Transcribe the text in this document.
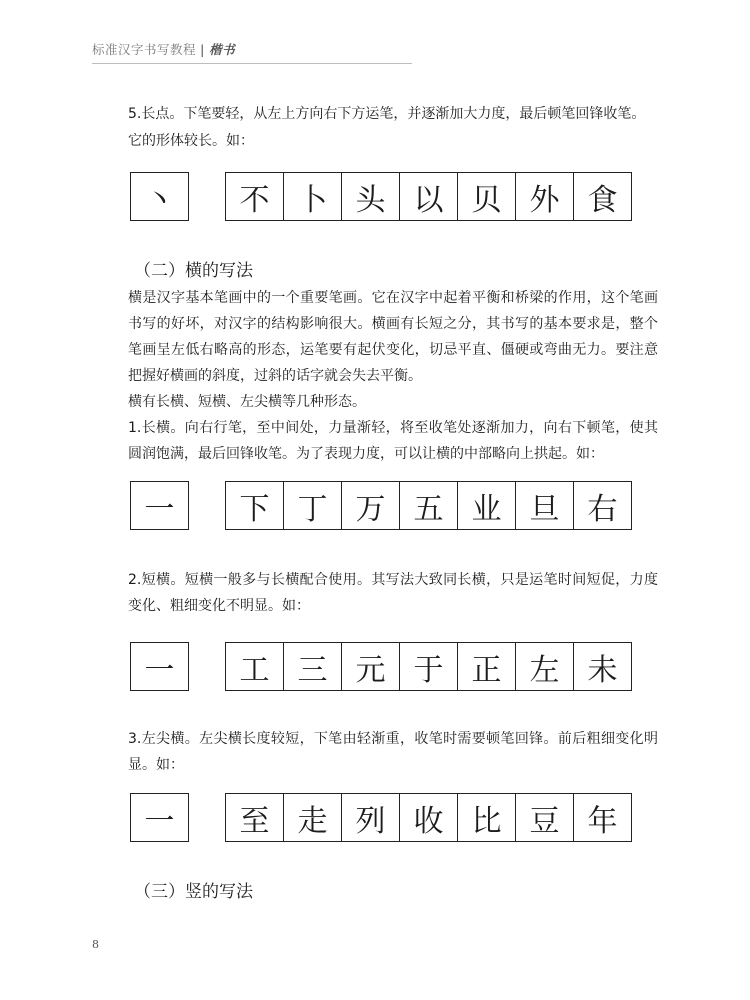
标准汉字书写教程 | 楷书

5.长点。下笔要轻，从左上方向右下方运笔，并逐渐加大力度，最后顿笔回锋收笔。

它的形体较长。如：

丶	不 卜 头 以 贝 外 食
（二）横的写法

横是汉字基本笔画中的一个重要笔画。它在汉字中起着平衡和桥梁的作用，这个笔画书写的好坏，对汉字的结构影响很大。横画有长短之分，其书写的基本要求是，整个笔画呈左低右略高的形态，运笔要有起伏变化，切忌平直、僵硬或弯曲无力。要注意把握好横画的斜度，过斜的话字就会失去平衡。

横有长横、短横、左尖横等几种形态。

1.长横。向右行笔，至中间处，力量渐轻，将至收笔处逐渐加力，向右下顿笔，使其圆润饱满，最后回锋收笔。为了表现力度，可以让横的中部略向上拱起。如：

一	下 丁 万 五 业 旦 右

2.短横。短横一般多与长横配合使用。其写法大致同长横，只是运笔时间短促，力度变化、粗细变化不明显。如：

一	工 三 元 于 正 左 未

3.左尖横。左尖横长度较短，下笔由轻渐重，收笔时需要顿笔回锋。前后粗细变化明显。如：

一	至 走 列 收 比 豆 年
（三）竖的写法
8
